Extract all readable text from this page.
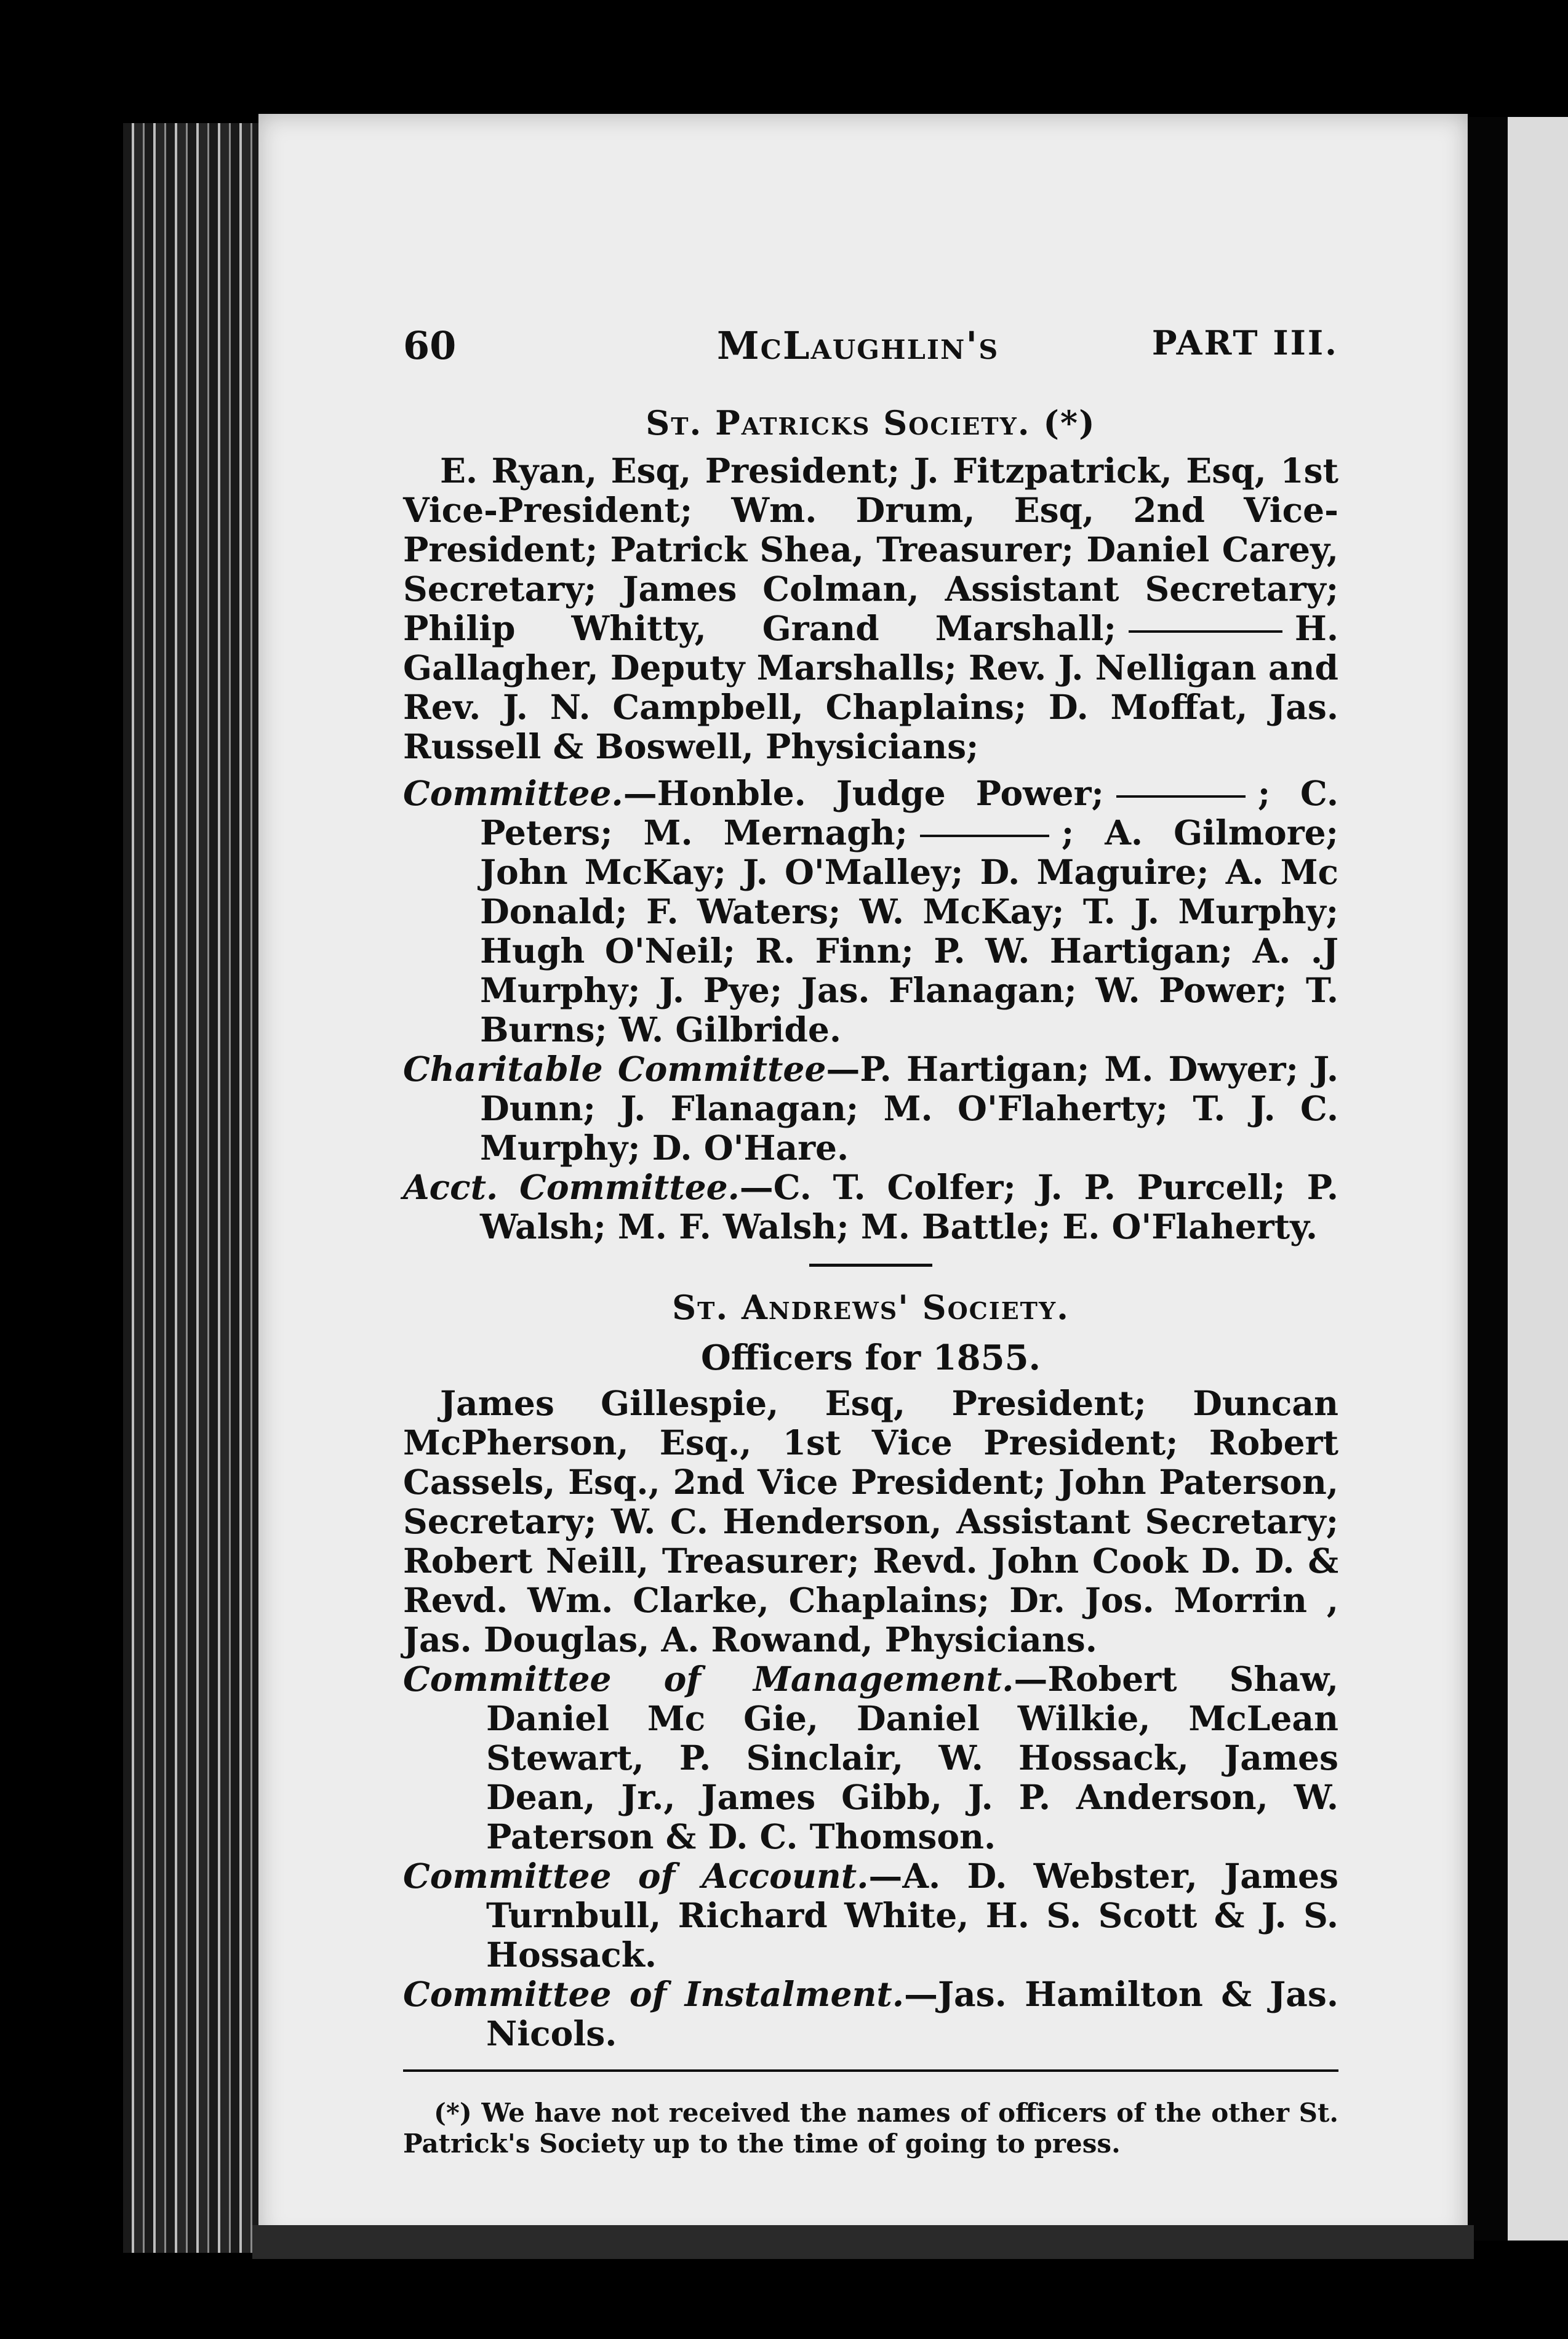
60	McLaughlin's	PART III.
St. Patricks Society. (*)

E. Ryan, Esq, President; J. Fitzpatrick, Esq, 1st Vice-President; Wm. Drum, Esq, 2nd Vice-President; Patrick Shea, Treasurer; Daniel Carey, Secretary; James Colman, Assistant Secretary; Philip Whitty, Grand Marshall;	H. Gallagher, Deputy Marshalls; Rev. J. Nelligan and Rev. J. N. Campbell, Chaplains; D. Moffat, Jas. Russell & Boswell, Physicians;

Committee.—Honble. Judge Power;	; C. Peters; M. Mernagh;	; A. Gilmore; John McKay; J. O'Malley; D. Maguire; A. Mc Donald; F. Waters; W. McKay; T. J. Murphy; Hugh O'Neil; R. Finn; P. W. Hartigan; A. .J Murphy; J. Pye; Jas. Flanagan; W. Power; T. Burns; W. Gilbride.

Charitable Committee—P. Hartigan; M. Dwyer; J. Dunn; J. Flanagan; M. O'Flaherty; T. J. C. Murphy; D. O'Hare.

Acct. Committee.—C. T. Colfer; J. P. Purcell; P. Walsh; M. F. Walsh; M. Battle; E. O'Flaherty.

St. Andrews' Society.
Officers for 1855.

James Gillespie, Esq, President; Duncan McPherson, Esq., 1st Vice President; Robert Cassels, Esq., 2nd Vice President; John Paterson, Secretary; W. C. Henderson, Assistant Secretary; Robert Neill, Treasurer; Revd. John Cook D. D. & Revd. Wm. Clarke, Chaplains; Dr. Jos. Morrin , Jas. Douglas, A. Rowand, Physicians.

Committee of Management.—Robert Shaw, Daniel Mc Gie, Daniel Wilkie, McLean Stewart, P. Sinclair, W. Hossack, James Dean, Jr., James Gibb, J. P. Anderson, W. Paterson & D. C. Thomson.

Committee of Account.—A. D. Webster, James Turnbull, Richard White, H. S. Scott & J. S. Hossack.

Committee of Instalment.—Jas. Hamilton & Jas. Nicols.

(*) We have not received the names of officers of the other St. Patrick's Society up to the time of going to press.
